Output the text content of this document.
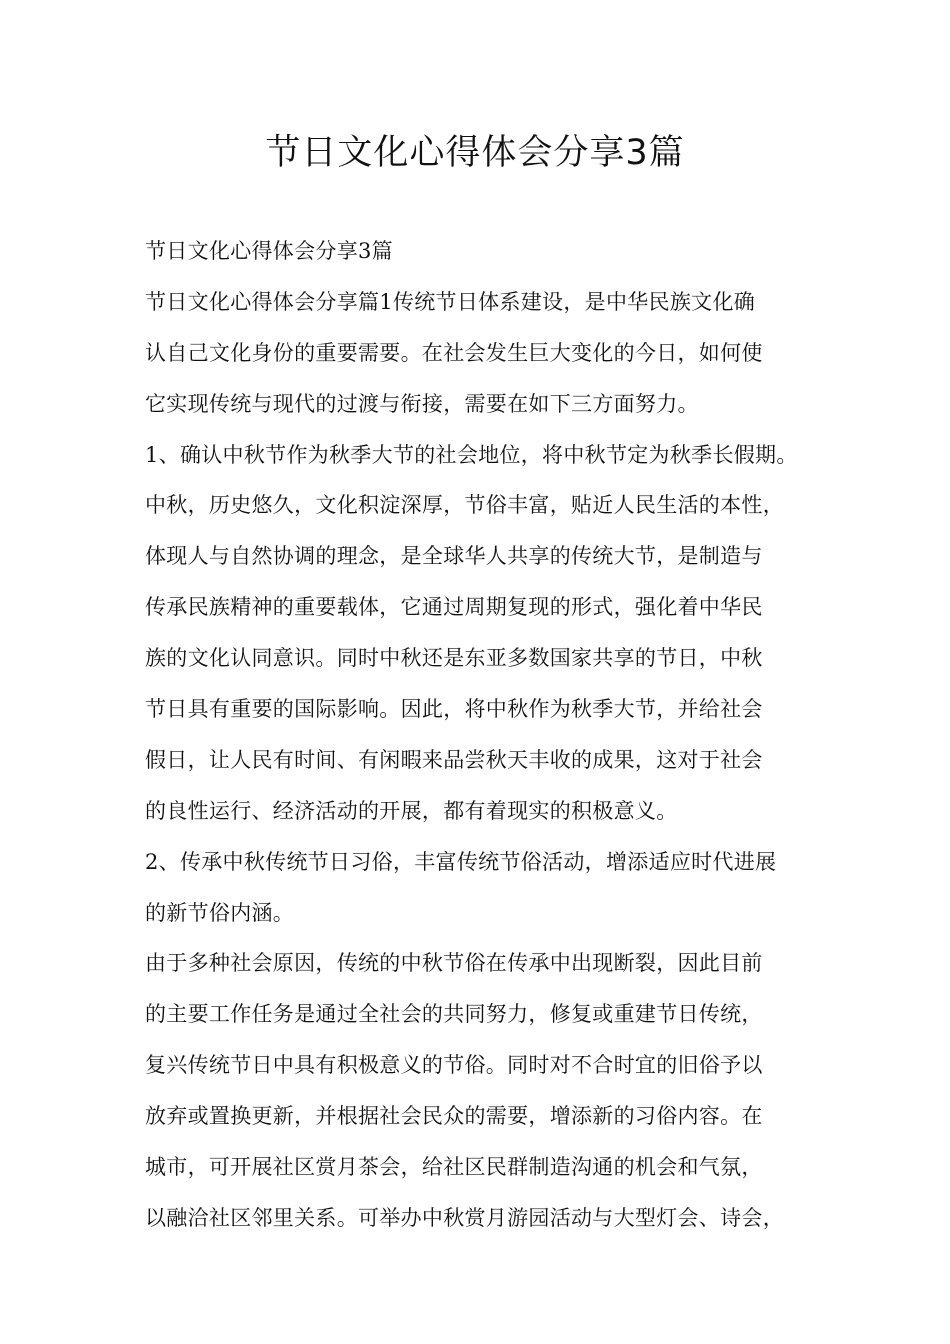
节日文化心得体会分享3篇
节日文化心得体会分享3篇
节日文化心得体会分享篇1传统节日体系建设，是中华民族文化确
认自己文化身份的重要需要。在社会发生巨大变化的今日，如何使
它实现传统与现代的过渡与衔接，需要在如下三方面努力。
1、确认中秋节作为秋季大节的社会地位，将中秋节定为秋季长假期。
中秋，历史悠久，文化积淀深厚，节俗丰富，贴近人民生活的本性，
体现人与自然协调的理念，是全球华人共享的传统大节，是制造与
传承民族精神的重要载体，它通过周期复现的形式，强化着中华民
族的文化认同意识。同时中秋还是东亚多数国家共享的节日，中秋
节日具有重要的国际影响。因此，将中秋作为秋季大节，并给社会
假日，让人民有时间、有闲暇来品尝秋天丰收的成果，这对于社会
的良性运行、经济活动的开展，都有着现实的积极意义。
2、传承中秋传统节日习俗，丰富传统节俗活动，增添适应时代进展
的新节俗内涵。
由于多种社会原因，传统的中秋节俗在传承中出现断裂，因此目前
的主要工作任务是通过全社会的共同努力，修复或重建节日传统，
复兴传统节日中具有积极意义的节俗。同时对不合时宜的旧俗予以
放弃或置换更新，并根据社会民众的需要，增添新的习俗内容。在
城市，可开展社区赏月茶会，给社区民群制造沟通的机会和气氛，
以融洽社区邻里关系。可举办中秋赏月游园活动与大型灯会、诗会，
